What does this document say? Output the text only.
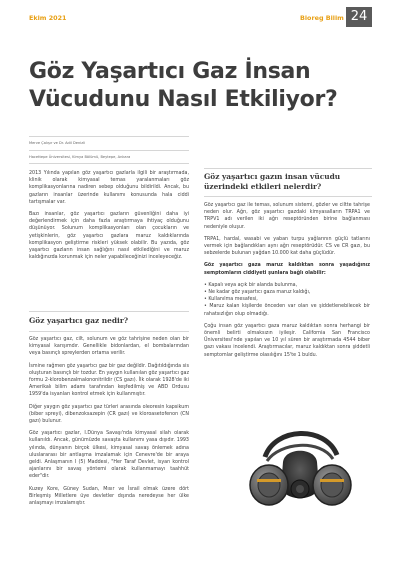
Ekim 2021	Bioreg Bilim 24
Göz Yaşartıcı Gaz İnsan Vücudunu Nasıl Etkiliyor?
Merve Çalışır ve Dr. Adil Denizli
Hacettepe Üniversitesi, Kimya Bölümü, Beytepe, Ankara

2013 Yılında yapılan göz yaşartıcı gazlarla ilgili bir araştırmada, klinik olarak kimyasal temas yaralanmaları göz komplikasyonlarına nadiren sebep olduğunu bildirildi. Ancak, bu gazların insanlar üzerinde kullanımı konusunda hala ciddi tartışmalar var.

Bazı insanlar, göz yaşartıcı gazların güvenliğini daha iyi değerlendirmek için daha fazla araştırmaya ihtiyaç olduğunu düşünüyor. Solunum komplikasyonları olan çocukların ve yetişkinlerin, göz yaşartıcı gazlara maruz kaldıklarında komplikasyon geliştirme riskleri yüksek olabilir. Bu yazıda, göz yaşartıcı gazların insan sağlığını nasıl etkilediğini ve maruz kaldığınızda korunmak için neler yapabileceğinizi inceleyeceğiz.

Göz yaşartıcı gaz nedir?

Göz yaşartıcı gaz, cilt, solunum ve göz tahrişine neden olan bir kimyasal karışımdır. Genellikle bidonlardan, el bombalarından veya basınçlı spreylerden ortama verilir.

İsmine rağmen göz yaşartıcı gaz bir gaz değildir. Dağıtıldığında sis oluşturan basınçlı bir tozdur. En yaygın kullanılan göz yaşartıcı gaz formu 2-klorobenzalmalononitrildir (CS gazı). İlk olarak 1928'de iki Amerikalı bilim adamı tarafından keşfedilmiş ve ABD Ordusu 1959'da isyanları kontrol etmek için kullanmıştır.

Diğer yaygın göz yaşartıcı gaz türleri arasında oleoresin kapsikum (biber spreyi), dibenzoksazepin (CR gazı) ve kloroasetofenon (CN gazı) bulunur.

Göz yaşartıcı gazlar, I.Dünya Savaşı'nda kimyasal silah olarak kullanıldı. Ancak, günümüzde savaşta kullanımı yasa dışıdır. 1993 yılında, dünyanın birçok ülkesi, kimyasal savaş önlemek adına uluslararası bir antlaşma imzalamak için Cenevre'de bir araya geldi. Anlaşmanın I (5) Maddesi, "Her Taraf Devlet, isyan kontrol ajanlarını bir savaş yöntemi olarak kullanmamayı taahhüt eder"dir.

Kuzey Kore, Güney Sudan, Mısır ve İsrail olmak üzere dört Birleşmiş Milletlere üye devletler dışında neredeyse her ülke anlaşmayı imzalamıştır.

Göz yaşartıcı gazın insan vücudu üzerindeki etkileri nelerdir?

Göz yaşartıcı gaz ile temas, solunum sistemi, gözler ve ciltte tahrişe neden olur. Ağrı, göz yaşartıcı gazdaki kimyasalların TRPA1 ve TRPV1 adı verilen iki ağrı reseptöründen birine bağlanması nedeniyle oluşur.

TRPA1, hardal, wasabi ve yaban turpu yağlarının güçlü tatlarını vermek için bağlandıkları aynı ağrı reseptörüdür. CS ve CR gazı, bu sebzelerde bulunan yağdan 10.000 kat daha güçlüdür.

Göz yaşartıcı gaza maruz kaldıktan sonra yaşadığınız semptomların ciddiyeti şunlara bağlı olabilir:

• Kapalı veya açık bir alanda bulunma,
• Ne kadar göz yaşartıcı gaza maruz kaldığı,
• Kullanılma mesafesi,
• Maruz kalan kişilerde önceden var olan ve şiddetlenebilecek bir rahatsızlığın olup olmadığı.

Çoğu insan göz yaşartıcı gaza maruz kaldıktan sonra herhangi bir önemli belirti olmaksızın iyileşir. California San Francisco Üniversitesi'nde yapılan ve 10 yıl süren bir araştırmada 4544 biber gazı vakası incelendi. Araştırmacılar, maruz kaldıktan sonra şiddetli semptomlar geliştirme olasılığını 15'te 1 buldu.
